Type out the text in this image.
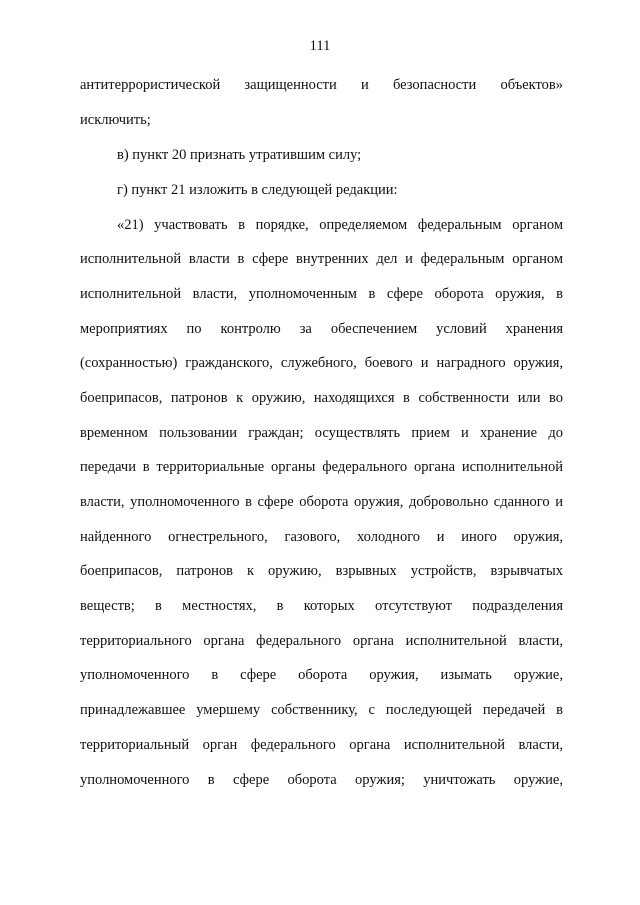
111
антитеррористической защищенности и безопасности объектов»
исключить;
в) пункт 20 признать утратившим силу;
г) пункт 21 изложить в следующей редакции:
«21) участвовать в порядке, определяемом федеральным органом
исполнительной власти в сфере внутренних дел и федеральным органом
исполнительной власти, уполномоченным в сфере оборота оружия, в
мероприятиях по контролю за обеспечением условий хранения
(сохранностью) гражданского, служебного, боевого и наградного оружия,
боеприпасов, патронов к оружию, находящихся в собственности или во
временном пользовании граждан; осуществлять прием и хранение до
передачи в территориальные органы федерального органа исполнительной
власти, уполномоченного в сфере оборота оружия, добровольно сданного и
найденного огнестрельного, газового, холодного и иного оружия,
боеприпасов, патронов к оружию, взрывных устройств, взрывчатых
веществ; в местностях, в которых отсутствуют подразделения
территориального органа федерального органа исполнительной власти,
уполномоченного в сфере оборота оружия, изымать оружие,
принадлежавшее умершему собственнику, с последующей передачей в
территориальный орган федерального органа исполнительной власти,
уполномоченного в сфере оборота оружия; уничтожать оружие,
